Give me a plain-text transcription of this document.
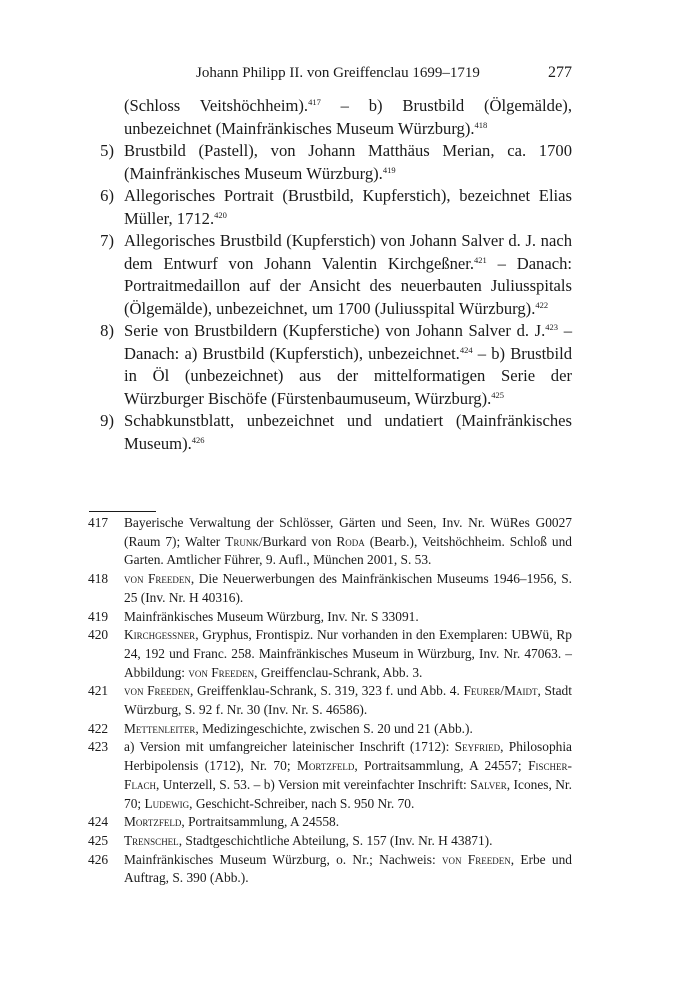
Johann Philipp II. von Greiffenclau 1699–1719	277
(Schloss Veitshöchheim).$^{417}$ – b) Brustbild (Ölgemälde), unbezeichnet (Mainfränkisches Museum Würzburg).$^{418}$
5) Brustbild (Pastell), von Johann Matthäus Merian, ca. 1700 (Mainfränkisches Museum Würzburg).$^{419}$
6) Allegorisches Portrait (Brustbild, Kupferstich), bezeichnet Elias Müller, 1712.$^{420}$
7) Allegorisches Brustbild (Kupferstich) von Johann Salver d. J. nach dem Entwurf von Johann Valentin Kirchgeßner.$^{421}$ – Danach: Portraitmedaillon auf der Ansicht des neuerbauten Juliusspitals (Ölgemälde), unbezeichnet, um 1700 (Juliusspital Würzburg).$^{422}$
8) Serie von Brustbildern (Kupferstiche) von Johann Salver d. J.$^{423}$ – Danach: a) Brustbild (Kupferstich), unbezeichnet.$^{424}$ – b) Brustbild in Öl (unbezeichnet) aus der mittelformatigen Serie der Würzburger Bischöfe (Fürstenbaumuseum, Würzburg).$^{425}$
9) Schabkunstblatt, unbezeichnet und undatiert (Mainfränkisches Museum).$^{426}$
417 Bayerische Verwaltung der Schlösser, Gärten und Seen, Inv. Nr. WüRes G0027 (Raum 7); Walter Trunk/Burkard von Roda (Bearb.), Veitshöchheim. Schloß und Garten. Amtlicher Führer, 9. Aufl., München 2001, S. 53.
418 von Freeden, Die Neuerwerbungen des Mainfränkischen Museums 1946–1956, S. 25 (Inv. Nr. H 40316).
419 Mainfränkisches Museum Würzburg, Inv. Nr. S 33091.
420 Kirchgessner, Gryphus, Frontispiz. Nur vorhanden in den Exemplaren: UBWü, Rp 24, 192 und Franc. 258. Mainfränkisches Museum in Würzburg, Inv. Nr. 47063. – Abbildung: von Freeden, Greiffenclau-Schrank, Abb. 3.
421 von Freeden, Greiffenklau-Schrank, S. 319, 323 f. und Abb. 4. Feurer/Maidt, Stadt Würzburg, S. 92 f. Nr. 30 (Inv. Nr. S. 46586).
422 Mettenleiter, Medizingeschichte, zwischen S. 20 und 21 (Abb.).
423 a) Version mit umfangreicher lateinischer Inschrift (1712): Seyfried, Philosophia Herbipolensis (1712), Nr. 70; Mortzfeld, Portraitsammlung, A 24557; Fischer-Flach, Unterzell, S. 53. – b) Version mit vereinfachter Inschrift: Salver, Icones, Nr. 70; Ludewig, Geschicht-Schreiber, nach S. 950 Nr. 70.
424 Mortzfeld, Portraitsammlung, A 24558.
425 Trenschel, Stadtgeschichtliche Abteilung, S. 157 (Inv. Nr. H 43871).
426 Mainfränkisches Museum Würzburg, o. Nr.; Nachweis: von Freeden, Erbe und Auftrag, S. 390 (Abb.).
